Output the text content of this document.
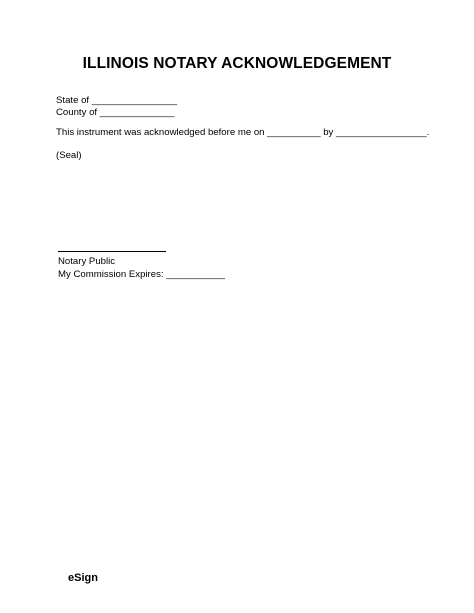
ILLINOIS NOTARY ACKNOWLEDGEMENT
State of ________________
County of ______________
This instrument was acknowledged before me on __________ by _________________.
(Seal)
Notary Public
My Commission Expires: ___________
eSign
